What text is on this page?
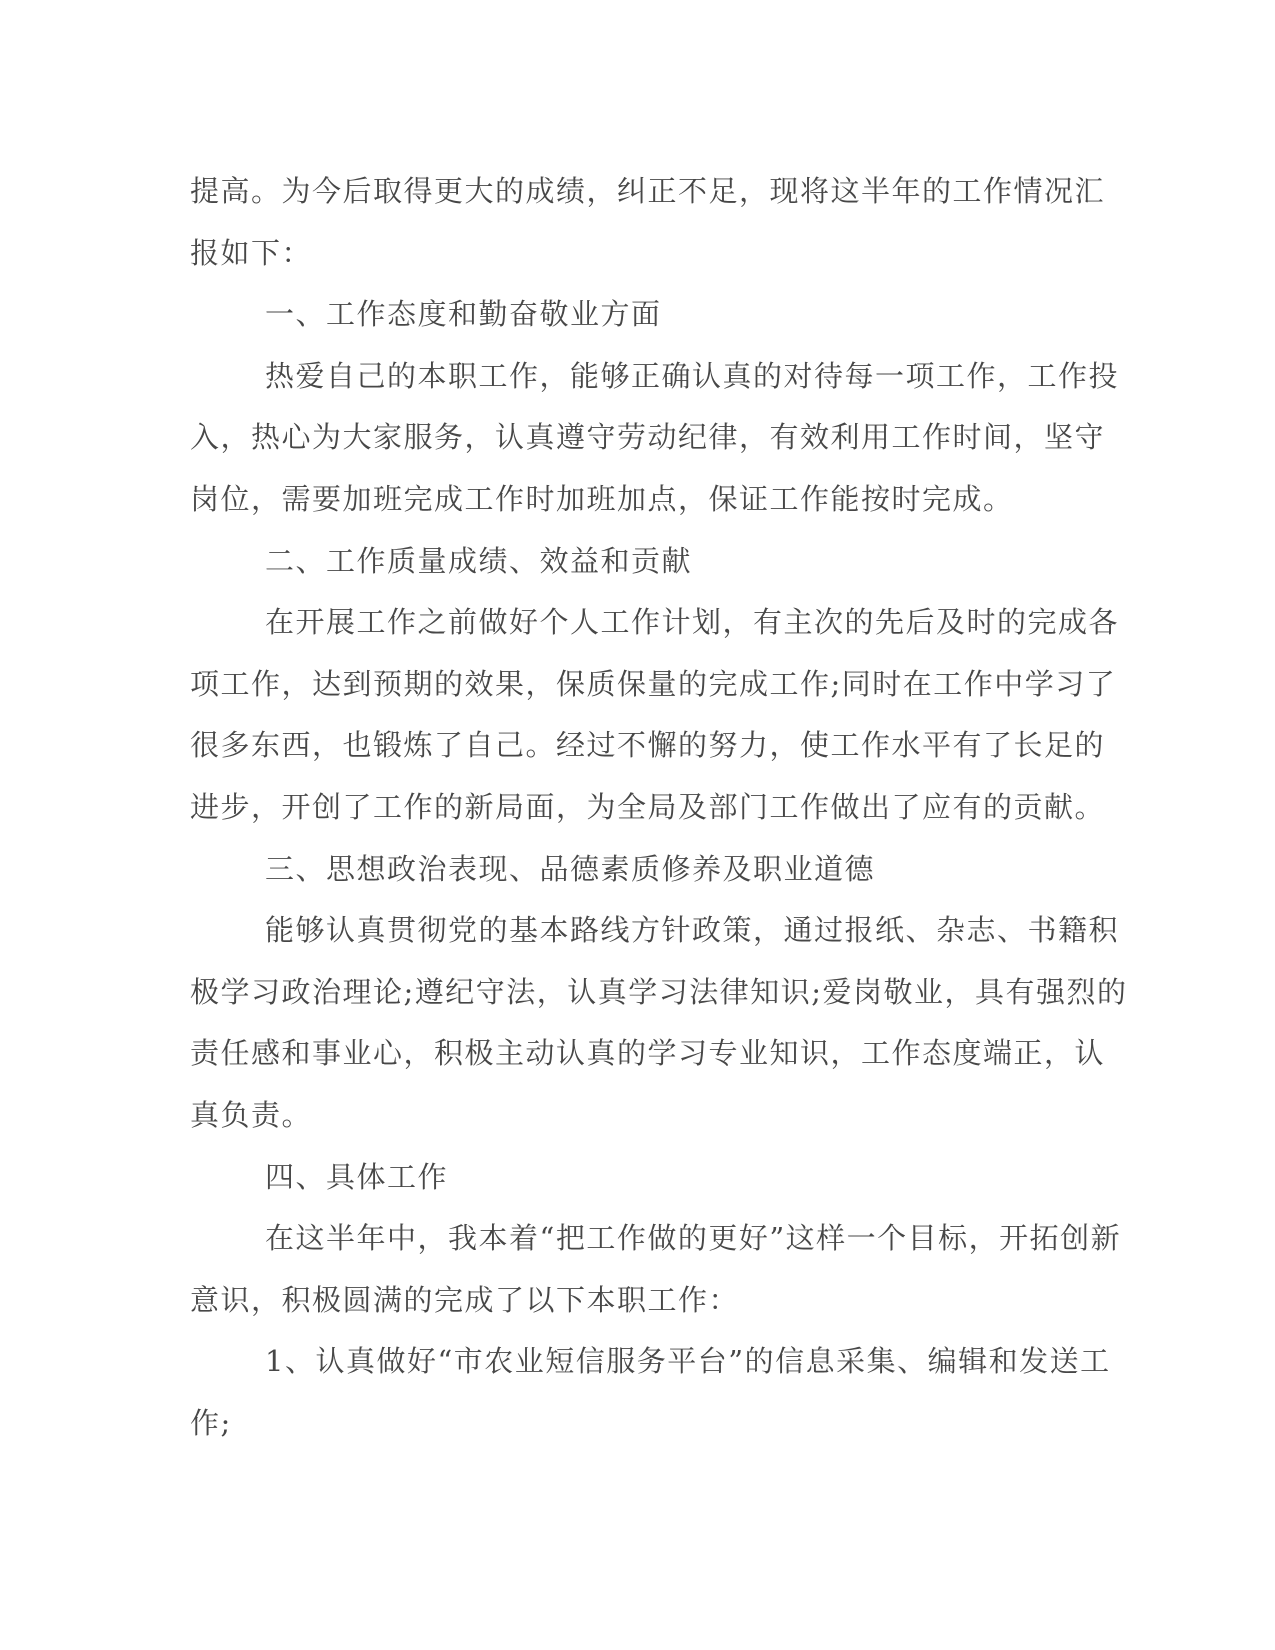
提高。为今后取得更大的成绩，纠正不足，现将这半年的工作情况汇
报如下：
一、工作态度和勤奋敬业方面
热爱自己的本职工作，能够正确认真的对待每一项工作，工作投
入，热心为大家服务，认真遵守劳动纪律，有效利用工作时间，坚守
岗位，需要加班完成工作时加班加点，保证工作能按时完成。
二、工作质量成绩、效益和贡献
在开展工作之前做好个人工作计划，有主次的先后及时的完成各
项工作，达到预期的效果，保质保量的完成工作;同时在工作中学习了
很多东西，也锻炼了自己。经过不懈的努力，使工作水平有了长足的
进步，开创了工作的新局面，为全局及部门工作做出了应有的贡献。
三、思想政治表现、品德素质修养及职业道德
能够认真贯彻党的基本路线方针政策，通过报纸、杂志、书籍积
极学习政治理论;遵纪守法，认真学习法律知识;爱岗敬业，具有强烈的
责任感和事业心，积极主动认真的学习专业知识，工作态度端正，认
真负责。
四、具体工作
在这半年中，我本着“把工作做的更好”这样一个目标，开拓创新
意识，积极圆满的完成了以下本职工作：
1、认真做好“市农业短信服务平台”的信息采集、编辑和发送工
作;
